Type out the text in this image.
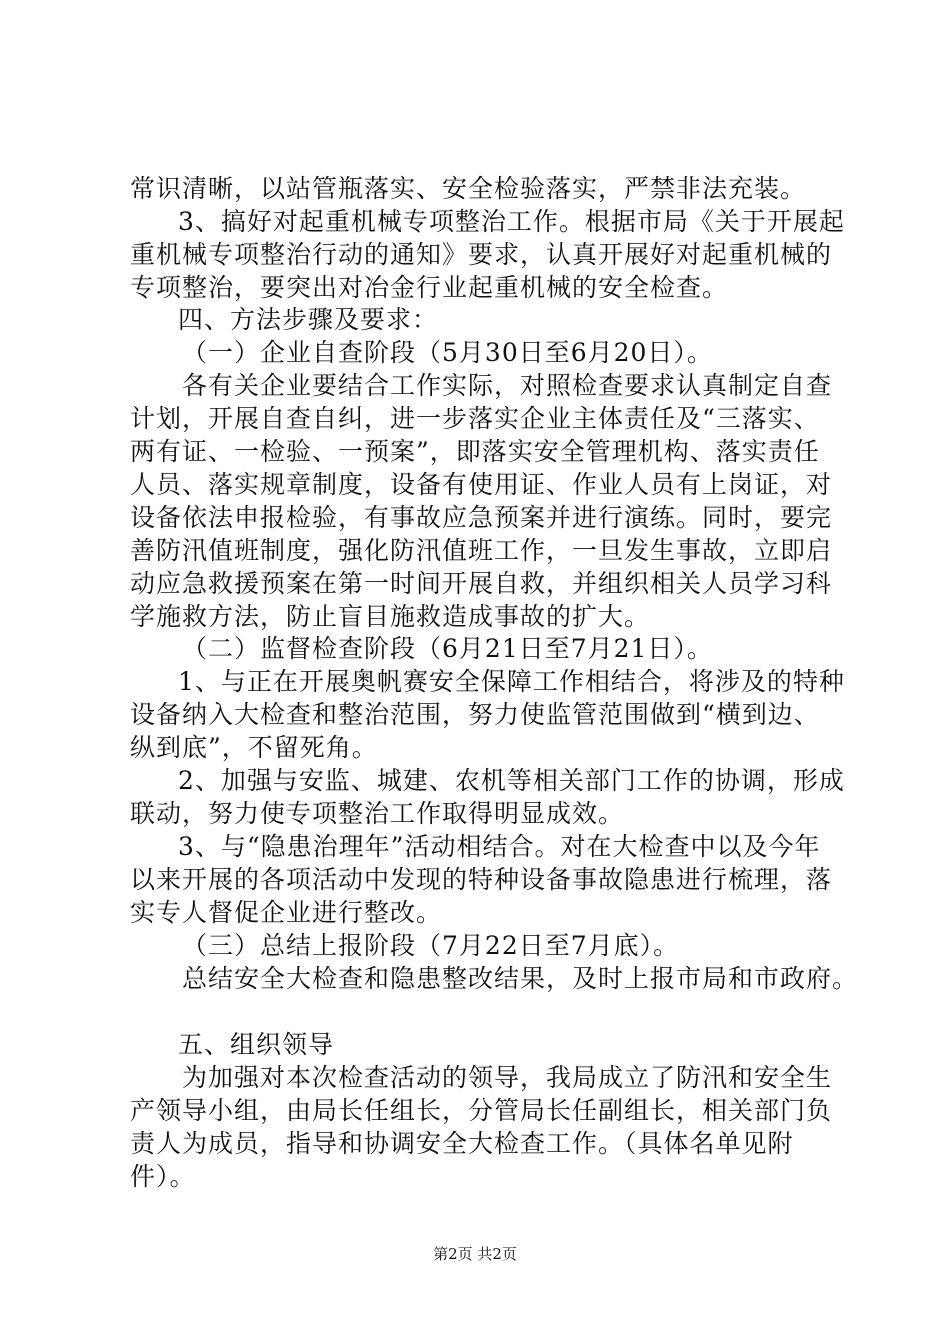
常识清晰，以站管瓶落实、安全检验落实，严禁非法充装。
3、搞好对起重机械专项整治工作。根据市局《关于开展起
重机械专项整治行动的通知》要求，认真开展好对起重机械的
专项整治，要突出对冶金行业起重机械的安全检查。
四、方法步骤及要求：
（一）企业自查阶段（5月30日至6月20日）。
各有关企业要结合工作实际，对照检查要求认真制定自查
计划，开展自查自纠，进一步落实企业主体责任及“三落实、
两有证、一检验、一预案”，即落实安全管理机构、落实责任
人员、落实规章制度，设备有使用证、作业人员有上岗证，对
设备依法申报检验，有事故应急预案并进行演练。同时，要完
善防汛值班制度，强化防汛值班工作，一旦发生事故，立即启
动应急救援预案在第一时间开展自救，并组织相关人员学习科
学施救方法，防止盲目施救造成事故的扩大。
（二）监督检查阶段（6月21日至7月21日）。
1、与正在开展奥帆赛安全保障工作相结合，将涉及的特种
设备纳入大检查和整治范围，努力使监管范围做到“横到边、
纵到底”，不留死角。
2、加强与安监、城建、农机等相关部门工作的协调，形成
联动，努力使专项整治工作取得明显成效。
3、与“隐患治理年”活动相结合。对在大检查中以及今年
以来开展的各项活动中发现的特种设备事故隐患进行梳理，落
实专人督促企业进行整改。
（三）总结上报阶段（7月22日至7月底）。
总结安全大检查和隐患整改结果，及时上报市局和市政府。
五、组织领导
为加强对本次检查活动的领导，我局成立了防汛和安全生
产领导小组，由局长任组长，分管局长任副组长，相关部门负
责人为成员，指导和协调安全大检查工作。（具体名单见附
件）。
第2页 共2页
